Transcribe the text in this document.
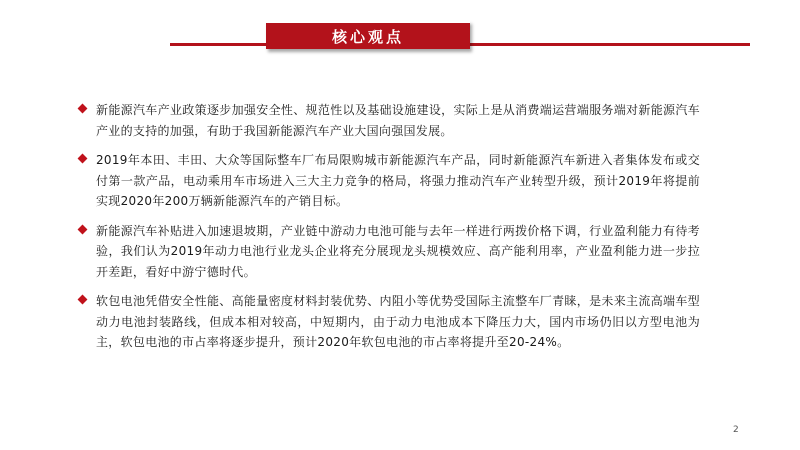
核心观点
新能源汽车产业政策逐步加强安全性、规范性以及基础设施建设，实际上是从消费端运营端服务端对新能源汽车产业的支持的加强，有助于我国新能源汽车产业大国向强国发展。
2019年本田、丰田、大众等国际整车厂布局限购城市新能源汽车产品，同时新能源汽车新进入者集体发布或交付第一款产品，电动乘用车市场进入三大主力竞争的格局，将强力推动汽车产业转型升级，预计2019年将提前实现2020年200万辆新能源汽车的产销目标。
新能源汽车补贴进入加速退坡期，产业链中游动力电池可能与去年一样进行两拨价格下调，行业盈利能力有待考验，我们认为2019年动力电池行业龙头企业将充分展现龙头规模效应、高产能利用率，产业盈利能力进一步拉开差距，看好中游宁德时代。
软包电池凭借安全性能、高能量密度材料封装优势、内阻小等优势受国际主流整车厂青睐，是未来主流高端车型动力电池封装路线，但成本相对较高，中短期内，由于动力电池成本下降压力大，国内市场仍旧以方型电池为主，软包电池的市占率将逐步提升，预计2020年软包电池的市占率将提升至20-24%。
2
